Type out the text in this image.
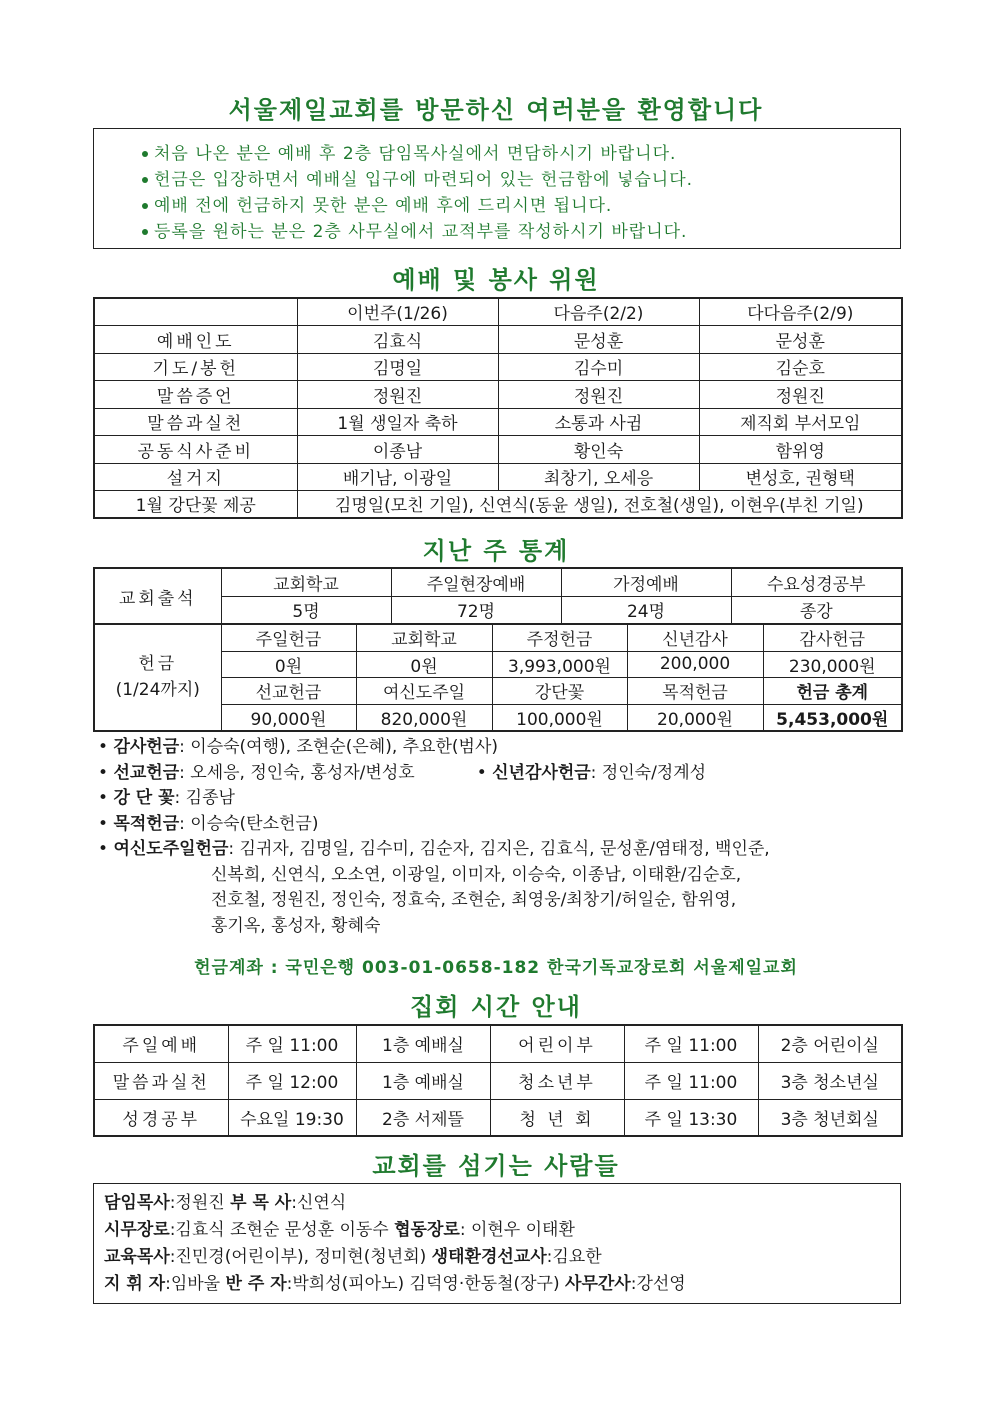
서울제일교회를 방문하신 여러분을 환영합니다
처음 나온 분은 예배 후 2층 담임목사실에서 면담하시기 바랍니다.
헌금은 입장하면서 예배실 입구에 마련되어 있는 헌금함에 넣습니다.
예배 전에 헌금하지 못한 분은 예배 후에 드리시면 됩니다.
등록을 원하는 분은 2층 사무실에서 교적부를 작성하시기 바랍니다.
예배 및 봉사 위원
	이번주(1/26)	다음주(2/2)	다다음주(2/9)
예배인도	김효식	문성훈	문성훈
기도/봉헌	김명일	김수미	김순호
말씀증언	정원진	정원진	정원진
말씀과실천	1월 생일자 축하	소통과 사귐	제직회 부서모임
공동식사준비	이종남	황인숙	함위영
설거지	배기남, 이광일	최창기, 오세응	변성호, 권형택
1월 강단꽃 제공	김명일(모친 기일), 신연식(동윤 생일), 전호철(생일), 이현우(부친 기일)		
지난 주 통계
교회출석	교회학교	주일현장예배	가정예배	수요성경공부
	5명	72명	24명	종강
헌금
(1/24까지)	주일헌금	교회학교	주정헌금	신년감사	감사헌금
	0원	0원	3,993,000원	200,000	230,000원
	선교헌금	여신도주일	강단꽃	목적헌금	헌금 총계
	90,000원	820,000원	100,000원	20,000원	5,453,000원
• 감사헌금: 이승숙(여행), 조현순(은혜), 추요한(범사)
• 선교헌금: 오세응, 정인숙, 홍성자/변성호	• 신년감사헌금: 정인숙/정계성
• 강 단 꽃: 김종남
• 목적헌금: 이승숙(탄소헌금)
• 여신도주일헌금: 김귀자, 김명일, 김수미, 김순자, 김지은, 김효식, 문성훈/염태정, 백인준,
신복희, 신연식, 오소연, 이광일, 이미자, 이승숙, 이종남, 이태환/김순호,
전호철, 정원진, 정인숙, 정효숙, 조현순, 최영웅/최창기/허일순, 함위영,
홍기옥, 홍성자, 황혜숙
헌금계좌 : 국민은행 003-01-0658-182 한국기독교장로회 서울제일교회
집회 시간 안내
주일예배	주 일 11:00	1층 예배실	어린이부	주 일 11:00	2층 어린이실
말씀과실천	주 일 12:00	1층 예배실	청소년부	주 일 11:00	3층 청소년실
성경공부	수요일 19:30	2층 서제뜰	청 년 회	주 일 13:30	3층 청년회실
교회를 섬기는 사람들
담임목사:정원진 부 목 사:신연식
시무장로:김효식 조현순 문성훈 이동수 협동장로: 이현우 이태환
교육목사:진민경(어린이부), 정미현(청년회) 생태환경선교사:김요한
지 휘 자:임바울 반 주 자:박희성(피아노) 김덕영·한동철(장구) 사무간사:강선영
